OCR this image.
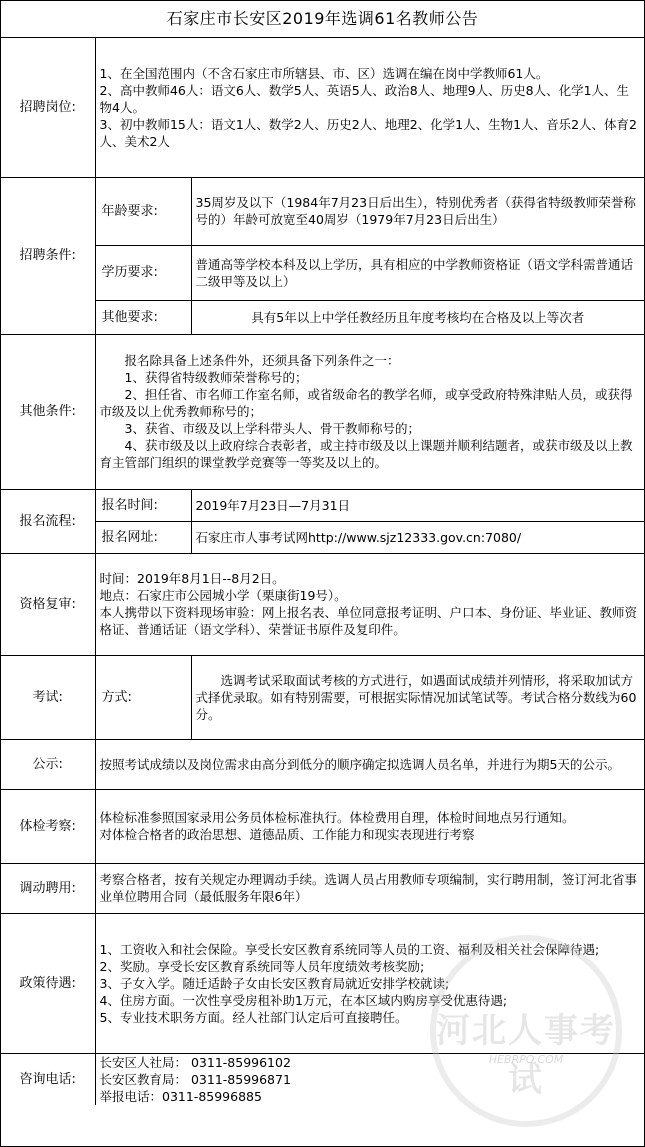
石家庄市长安区2019年选调61名教师公告
招聘岗位:	1、在全国范围内（不含石家庄市所辖县、市、区）选调在编在岗中学教师61人。
2、高中教师46人：语文6人、数学5人、英语5人、政治8人、地理9人、历史8人、化学1人、生物4人。
3、初中教师15人：语文1人、数学2人、历史2人、地理2、化学1人、生物1人、音乐2人、体育2人、美术2人	

招聘条件:	年龄要求:	35周岁及以下（1984年7月23日后出生），特别优秀者（获得省特级教师荣誉称号的）年龄可放宽至40周岁（1979年7月23日后出生）
	学历要求:	普通高等学校本科及以上学历，具有相应的中学教师资格证（语文学科需普通话二级甲等及以上）
	其他要求:	具有5年以上中学任教经历且年度考核均在合格及以上等次者
其他条件:	报名除具备上述条件外，还须具备下列条件之一：
1、获得省特级教师荣誉称号的；
2、担任省、市名师工作室名师，或省级命名的教学名师，或享受政府特殊津贴人员，或获得市级及以上优秀教师称号的；
3、获省、市级及以上学科带头人、骨干教师称号的；
4、获市级及以上政府综合表彰者，或主持市级及以上课题并顺利结题者，或获市级及以上教育主管部门组织的课堂教学竞赛等一等奖及以上的。	

报名流程:	报名时间:	2019年7月23日—7月31日
	报名网址:	石家庄市人事考试网http://www.sjz12333.gov.cn:7080/
资格复审:	时间：2019年8月1日--8月2日。
地点：石家庄市公园城小学（栗康街19号）。
本人携带以下资料现场审验：网上报名表、单位同意报考证明、户口本、身份证、毕业证、教师资格证、普通话证（语文学科）、荣誉证书原件及复印件。	

考试:	方式:	选调考试采取面试考核的方式进行，如遇面试成绩并列情形，将采取加试方式择优录取。如有特别需要，可根据实际情况加试笔试等。考试合格分数线为60分。
公示:	按照考试成绩以及岗位需求由高分到低分的顺序确定拟选调人员名单，并进行为期5天的公示。	
体检考察:	体检标准参照国家录用公务员体检标准执行。体检费用自理，体检时间地点另行通知。
对体检合格者的政治思想、道德品质、工作能力和现实表现进行考察	

调动聘用:	考察合格者，按有关规定办理调动手续。选调人员占用教师专项编制，实行聘用制，签订河北省事业单位聘用合同（最低服务年限6年）	
政策待遇:	1、工资收入和社会保险。享受长安区教育系统同等人员的工资、福利及相关社会保障待遇;
2、奖励。享受长安区教育系统同等人员年度绩效考核奖励;
3、子女入学。随迁适龄子女由长安区教育局就近安排学校就读;
4、住房方面。一次性享受房租补助1万元，在本区域内购房享受优惠待遇;
5、专业技术职务方面。经人社部门认定后可直接聘任。	

咨询电话:	长安区人社局： 0311-85996102
长安区教育局： 0311-85996871
举报电话：0311-85996885	
河北人事考试
HEBRPO.COM
